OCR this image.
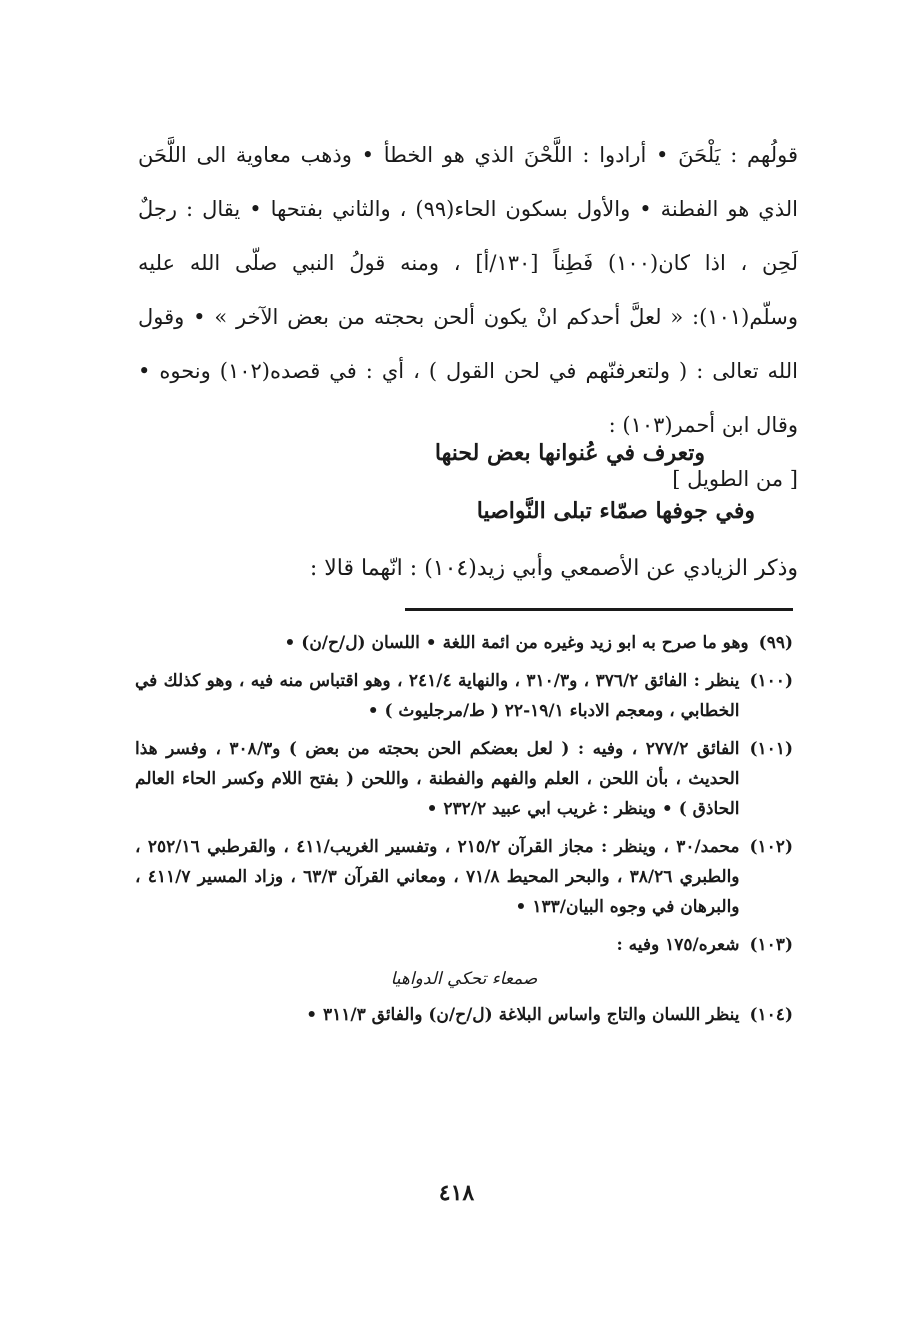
قولُهم : يَلْحَنَ • أرادوا : اللَّحْنَ الذي هو الخطأ • وذهب معاوية الى اللَّحَن الذي هو الفطنة • والأول بسكون الحاء(٩٩) ، والثاني بفتحها • يقال : رجلٌ لَحِن ، اذا كان(١٠٠) فَطِناً [١٣٠/أ] ، ومنه قولُ النبي صلّى الله عليه وسلّم(١٠١): « لعلَّ أحدكم انْ يكون ألحن بحجته من بعض الآخر » • وقول الله تعالى : ( ولتعرفنّهم في لحن القول ) ، أي : في قصده(١٠٢) ونحوه • وقال ابن أحمر(١٠٣) :

[ من الطويل ]
وتعرف في عُنوانها بعض لحنها
وفي جوفها صمّاء تبلى النَّواصيا
وذكر الزيادي عن الأصمعي وأبي زيد(١٠٤) : انّهما قالا :
(٩٩)
وهو ما صرح به ابو زيد وغيره من ائمة اللغة • اللسان (ل/ح/ن) •
(١٠٠)
ينظر : الفائق ٣٧٦/٢ ، و٣١٠/٣ ، والنهاية ٢٤١/٤ ، وهو اقتباس منه فيه ، وهو كذلك في الخطابي ، ومعجم الادباء ١٩/١-٢٢ ( ط/مرجليوث ) •
(١٠١)
الفائق ٢٧٧/٢ ، وفيه : ( لعل بعضكم الحن بحجته من بعض ) و٣٠٨/٣ ، وفسر هذا الحديث ، بأن اللحن ، العلم والفهم والفطنة ، واللحن ( بفتح اللام وكسر الحاء العالم الحاذق ) • وينظر : غريب ابي عبيد ٢٣٢/٢ •
(١٠٢)
محمد/٣٠ ، وينظر : مجاز القرآن ٢١٥/٢ ، وتفسير الغريب/٤١١ ، والقرطبي ٢٥٢/١٦ ، والطبري ٣٨/٢٦ ، والبحر المحيط ٧١/٨ ، ومعاني القرآن ٦٣/٣ ، وزاد المسير ٤١١/٧ ، والبرهان في وجوه البيان/١٣٣ •
(١٠٣)
شعره/١٧٥ وفيه :
صمعاء تحكي الدواهيا
(١٠٤)
ينظر اللسان والتاج واساس البلاغة (ل/ح/ن) والفائق ٣١١/٣ •
٤١٨
